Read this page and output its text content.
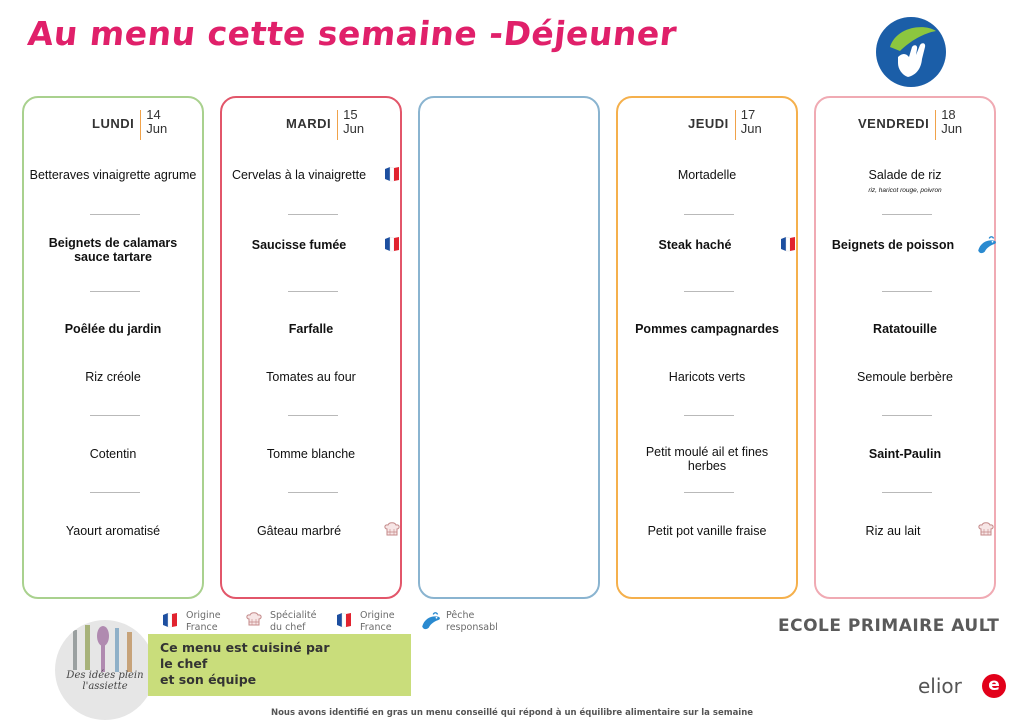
Au menu cette semaine -Déjeuner
LUNDI
14
Jun
Betteraves vinaigrette agrume
Beignets de calamars sauce tartare
Poêlée du jardin
Riz créole
Cotentin
Yaourt aromatisé
MARDI
15
Jun
Cervelas à la vinaigrette
Saucisse fumée
Farfalle
Tomates au four
Tomme blanche
Gâteau marbré
JEUDI
17
Jun
Mortadelle
Steak haché
Pommes campagnardes
Haricots verts
Petit moulé ail et fines herbes
Petit pot vanille fraise
VENDREDI
18
Jun
Salade de riz
riz, haricot rouge, poivron
Beignets de poisson
Ratatouille
Semoule berbère
Saint-Paulin
Riz au lait
Origine
France
Spécialité
du chef
Origine
France
Pêche
responsabl	ECOLE PRIMAIRE AULT
Des idées plein
l'assiette
Ce menu est cuisiné par
le chef
et son équipe	elior	e
Nous avons identifié en gras un menu conseillé qui répond à un équilibre alimentaire sur la semaine
